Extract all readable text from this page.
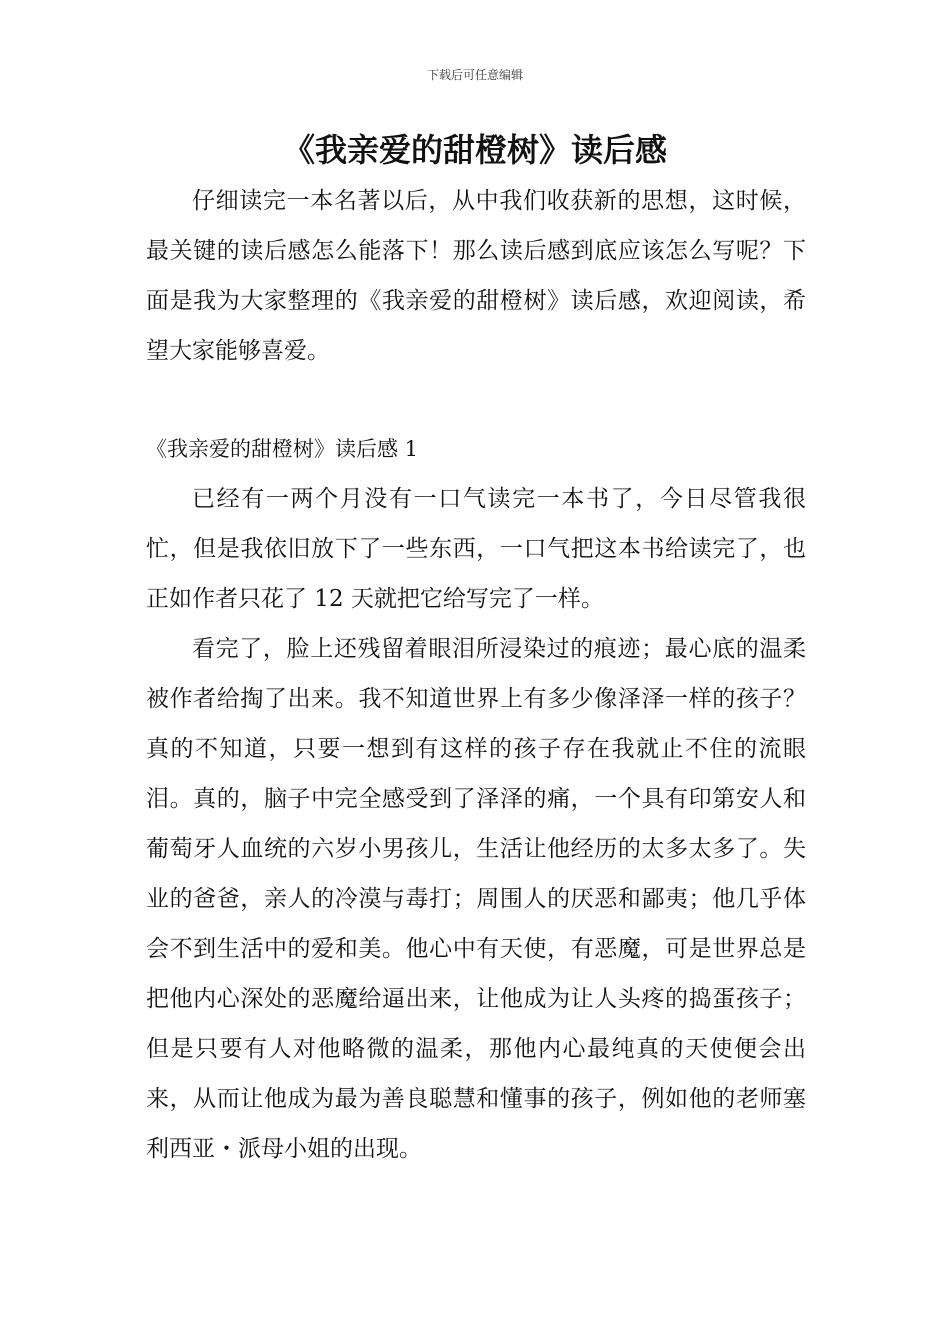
下载后可任意编辑
《我亲爱的甜橙树》读后感

仔细读完一本名著以后，从中我们收获新的思想，这时候，最关键的读后感怎么能落下！那么读后感到底应该怎么写呢？下面是我为大家整理的《我亲爱的甜橙树》读后感，欢迎阅读，希望大家能够喜爱。

《我亲爱的甜橙树》读后感 1

已经有一两个月没有一口气读完一本书了，今日尽管我很忙，但是我依旧放下了一些东西，一口气把这本书给读完了，也正如作者只花了 12 天就把它给写完了一样。

看完了，脸上还残留着眼泪所浸染过的痕迹；最心底的温柔被作者给掏了出来。我不知道世界上有多少像泽泽一样的孩子？真的不知道，只要一想到有这样的孩子存在我就止不住的流眼泪。真的，脑子中完全感受到了泽泽的痛，一个具有印第安人和葡萄牙人血统的六岁小男孩儿，生活让他经历的太多太多了。失业的爸爸，亲人的冷漠与毒打；周围人的厌恶和鄙夷；他几乎体会不到生活中的爱和美。他心中有天使，有恶魔，可是世界总是把他内心深处的恶魔给逼出来，让他成为让人头疼的捣蛋孩子；但是只要有人对他略微的温柔，那他内心最纯真的天使便会出来，从而让他成为最为善良聪慧和懂事的孩子，例如他的老师塞利西亚・派母小姐的出现。
